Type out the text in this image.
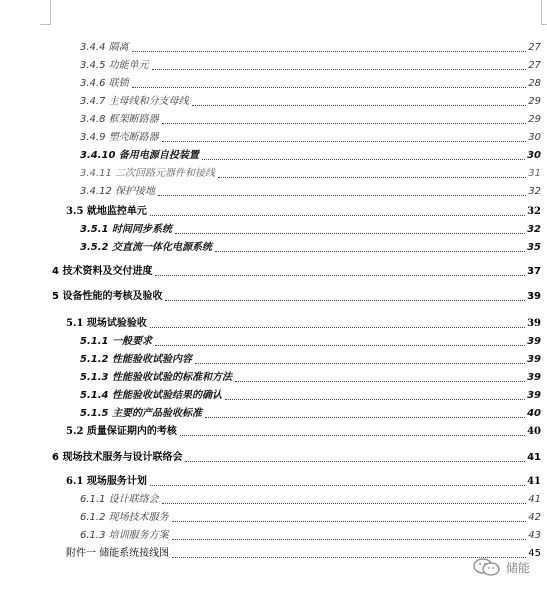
3.4.4 隔离	27
3.4.5 功能单元	27
3.4.6 联锁	28
3.4.7 主母线和分支母线	29
3.4.8 框架断路器	29
3.4.9 塑壳断路器	30
3.4.10 备用电源自投装置	30
3.4.11 二次回路元器件和接线	31
3.4.12 保护接地	32
3.5 就地监控单元	32
3.5.1 时间同步系统	32
3.5.2 交直流一体化电源系统	35
4 技术资料及交付进度	37
5 设备性能的考核及验收	39
5.1 现场试验验收	39
5.1.1 一般要求	39
5.1.2 性能验收试验内容	39
5.1.3 性能验收试验的标准和方法	39
5.1.4 性能验收试验结果的确认	39
5.1.5 主要的产品验收标准	40
5.2 质量保证期内的考核	40
6 现场技术服务与设计联络会	41
6.1 现场服务计划	41
6.1.1 设计联络会	41
6.1.2 现场技术服务	42
6.1.3 培训服务方案	43
附件一 储能系统接线图	45
储能
